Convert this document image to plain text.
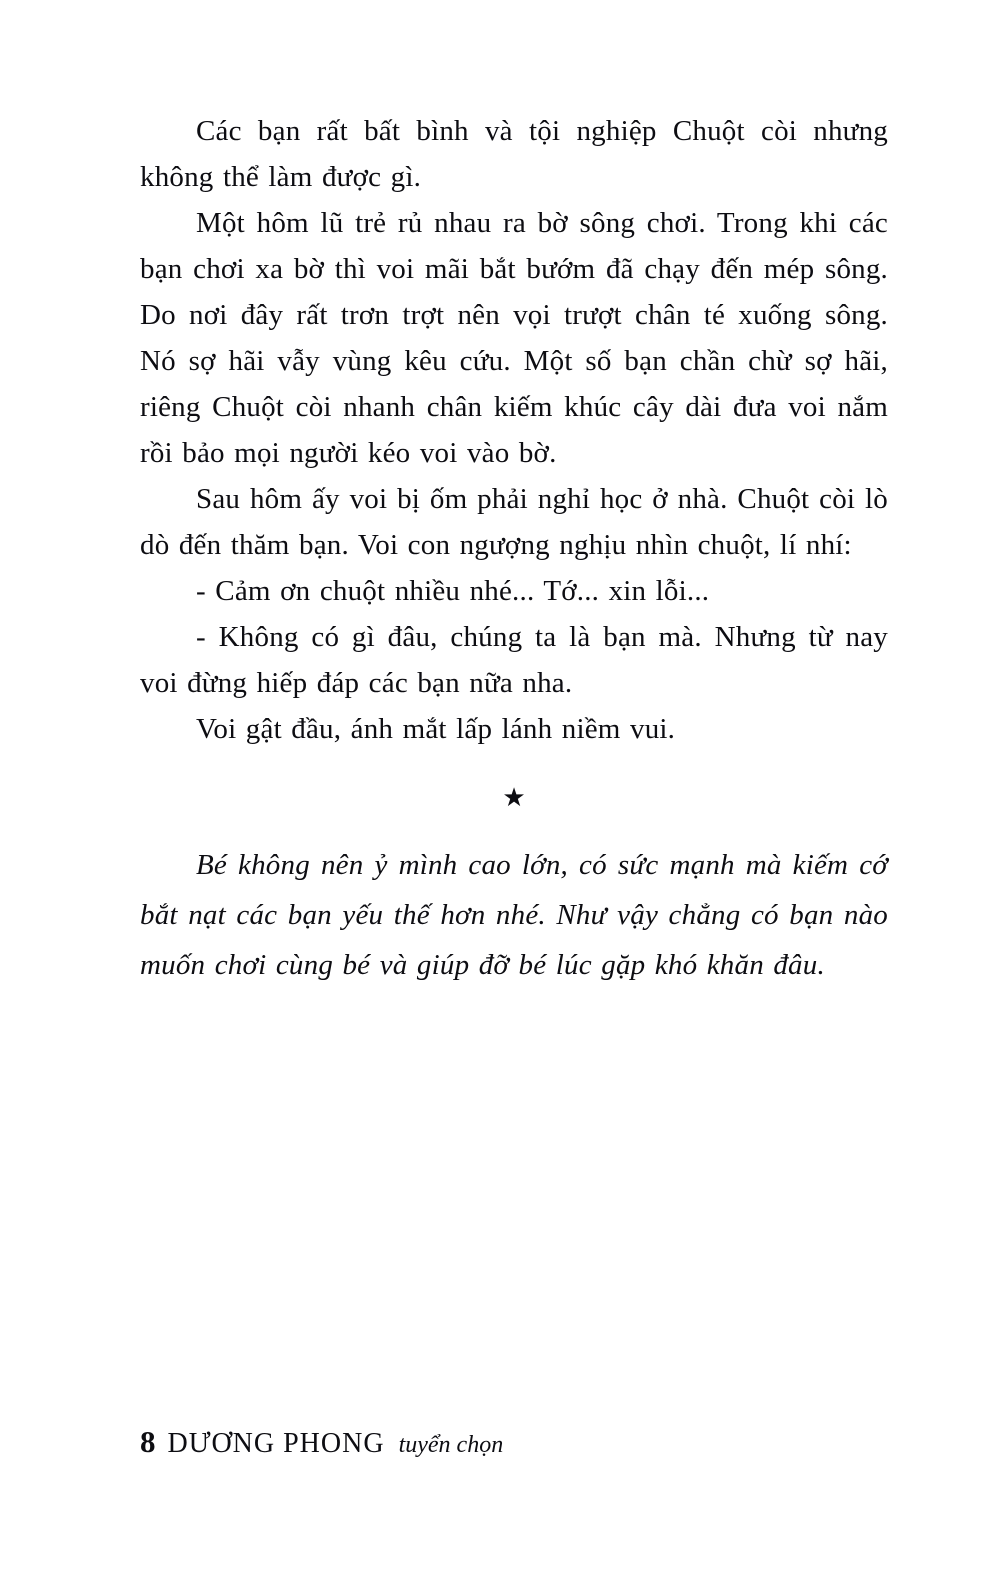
Các bạn rất bất bình và tội nghiệp Chuột còi nhưng không thể làm được gì.

Một hôm lũ trẻ rủ nhau ra bờ sông chơi. Trong khi các bạn chơi xa bờ thì voi mãi bắt bướm đã chạy đến mép sông. Do nơi đây rất trơn trợt nên vọi trượt chân té xuống sông. Nó sợ hãi vẫy vùng kêu cứu. Một số bạn chần chừ sợ hãi, riêng Chuột còi nhanh chân kiếm khúc cây dài đưa voi nắm rồi bảo mọi người kéo voi vào bờ.

Sau hôm ấy voi bị ốm phải nghỉ học ở nhà. Chuột còi lò dò đến thăm bạn. Voi con ngượng nghịu nhìn chuột, lí nhí:

- Cảm ơn chuột nhiều nhé... Tớ... xin lỗi...

- Không có gì đâu, chúng ta là bạn mà. Nhưng từ nay voi đừng hiếp đáp các bạn nữa nha.

Voi gật đầu, ánh mắt lấp lánh niềm vui.

★

Bé không nên ỷ mình cao lớn, có sức mạnh mà kiếm cớ bắt nạt các bạn yếu thế hơn nhé. Như vậy chẳng có bạn nào muốn chơi cùng bé và giúp đỡ bé lúc gặp khó khăn đâu.

8 DƯƠNG PHONG tuyển chọn
